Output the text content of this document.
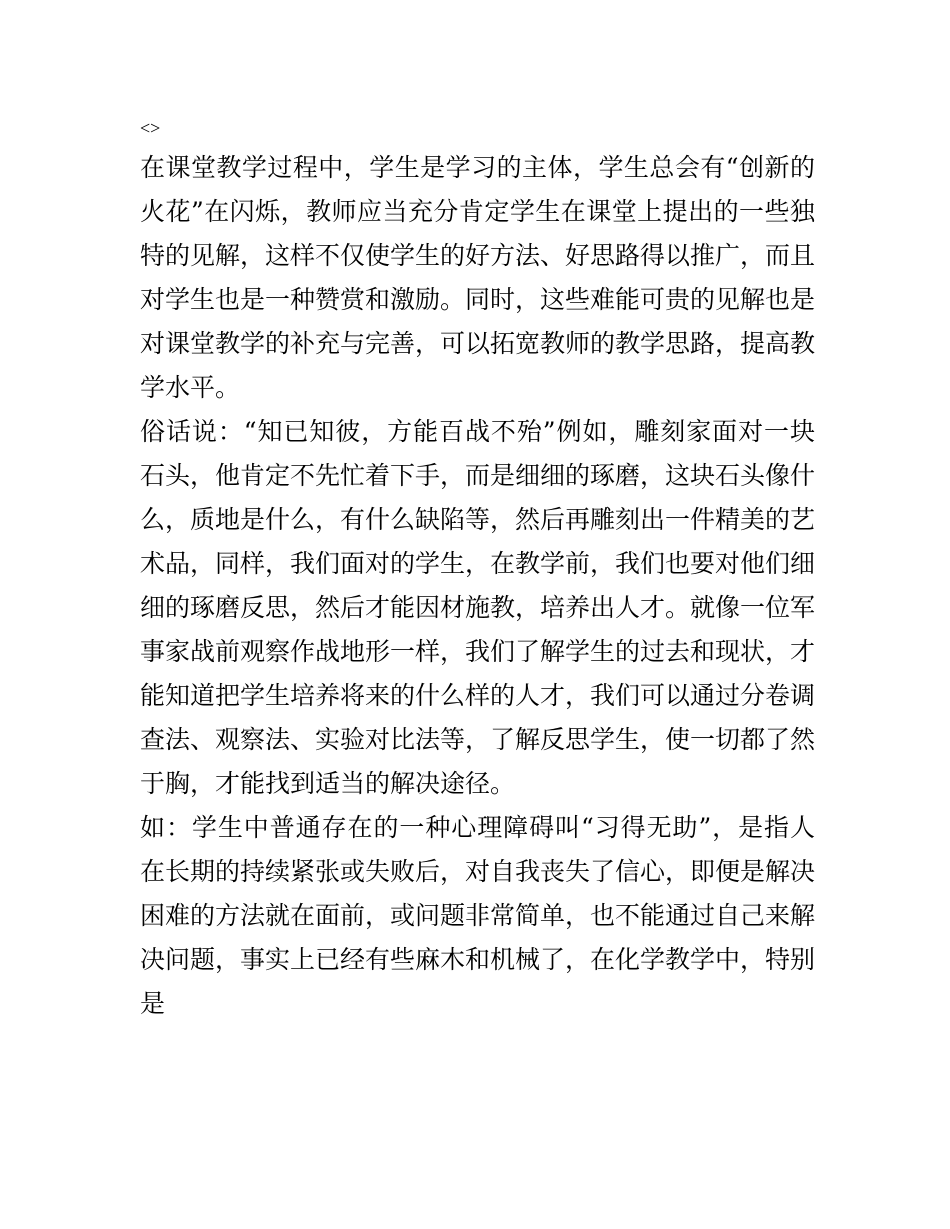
<>

在课堂教学过程中，学生是学习的主体，学生总会有“创新的火花”在闪烁，教师应当充分肯定学生在课堂上提出的一些独特的见解，这样不仅使学生的好方法、好思路得以推广，而且对学生也是一种赞赏和激励。同时，这些难能可贵的见解也是对课堂教学的补充与完善，可以拓宽教师的教学思路，提高教学水平。

俗话说：“知已知彼，方能百战不殆”例如，雕刻家面对一块石头，他肯定不先忙着下手，而是细细的琢磨，这块石头像什么，质地是什么，有什么缺陷等，然后再雕刻出一件精美的艺术品，同样，我们面对的学生，在教学前，我们也要对他们细细的琢磨反思，然后才能因材施教，培养出人才。就像一位军事家战前观察作战地形一样，我们了解学生的过去和现状，才能知道把学生培养将来的什么样的人才，我们可以通过分卷调查法、观察法、实验对比法等，了解反思学生，使一切都了然于胸，才能找到适当的解决途径。

如：学生中普通存在的一种心理障碍叫“习得无助”，是指人在长期的持续紧张或失败后，对自我丧失了信心，即便是解决困难的方法就在面前，或问题非常简单，也不能通过自己来解决问题，事实上已经有些麻木和机械了，在化学教学中，特别是
